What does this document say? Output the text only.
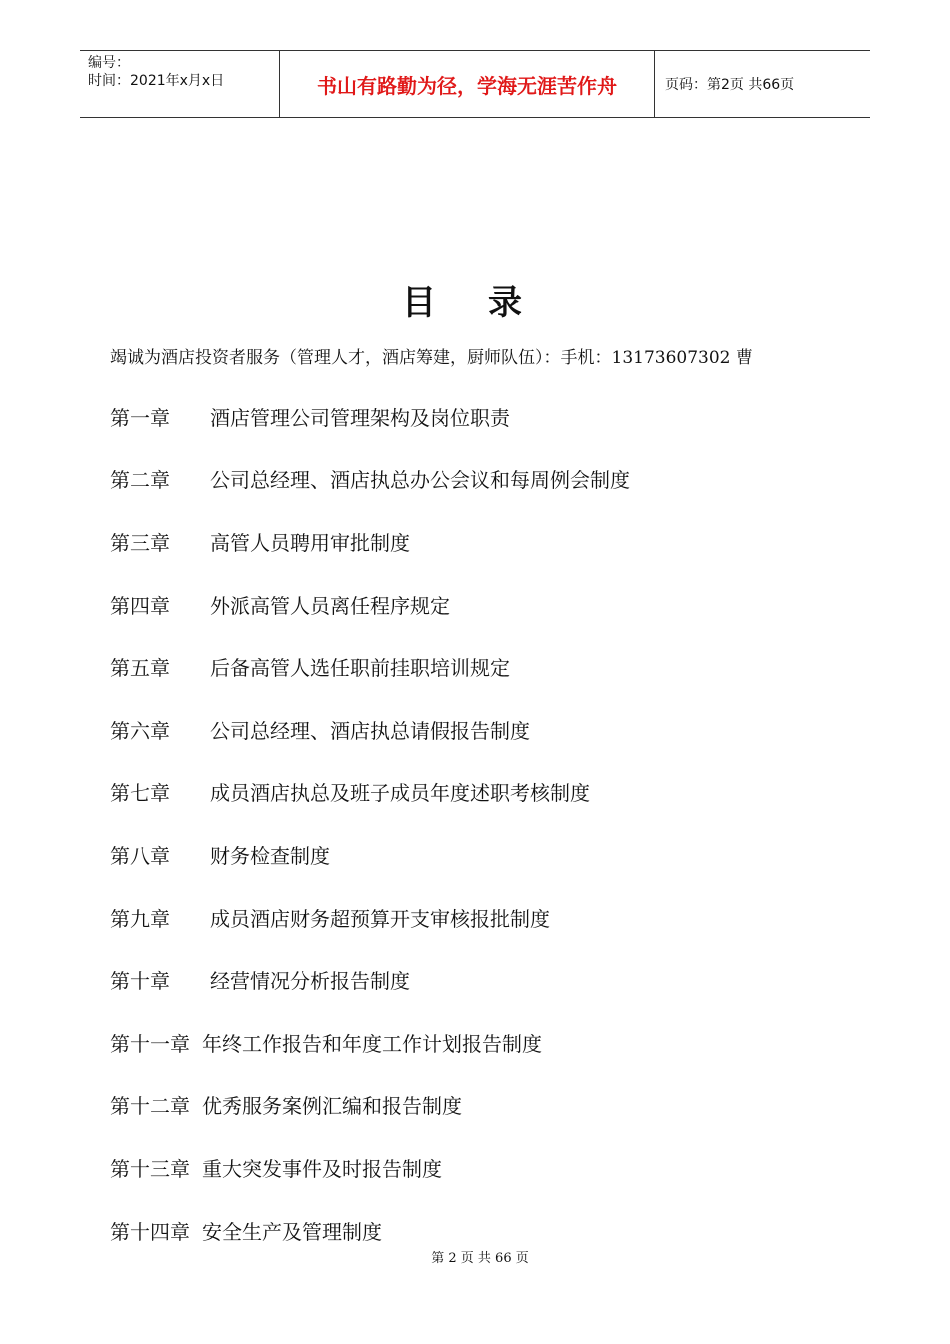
编号：
时间：2021年x月x日	书山有路勤为径，学海无涯苦作舟	页码：第2页 共66页
目录
竭诚为酒店投资者服务（管理人才，酒店筹建，厨师队伍）：手机：13173607302 曹
第一章	酒店管理公司管理架构及岗位职责
第二章	公司总经理、酒店执总办公会议和每周例会制度
第三章	高管人员聘用审批制度
第四章	外派高管人员离任程序规定
第五章	后备高管人选任职前挂职培训规定
第六章	公司总经理、酒店执总请假报告制度
第七章	成员酒店执总及班子成员年度述职考核制度
第八章	财务检查制度
第九章	成员酒店财务超预算开支审核报批制度
第十章	经营情况分析报告制度
第十一章 年终工作报告和年度工作计划报告制度
第十二章 优秀服务案例汇编和报告制度
第十三章 重大突发事件及时报告制度
第十四章 安全生产及管理制度
第 2 页 共 66 页
